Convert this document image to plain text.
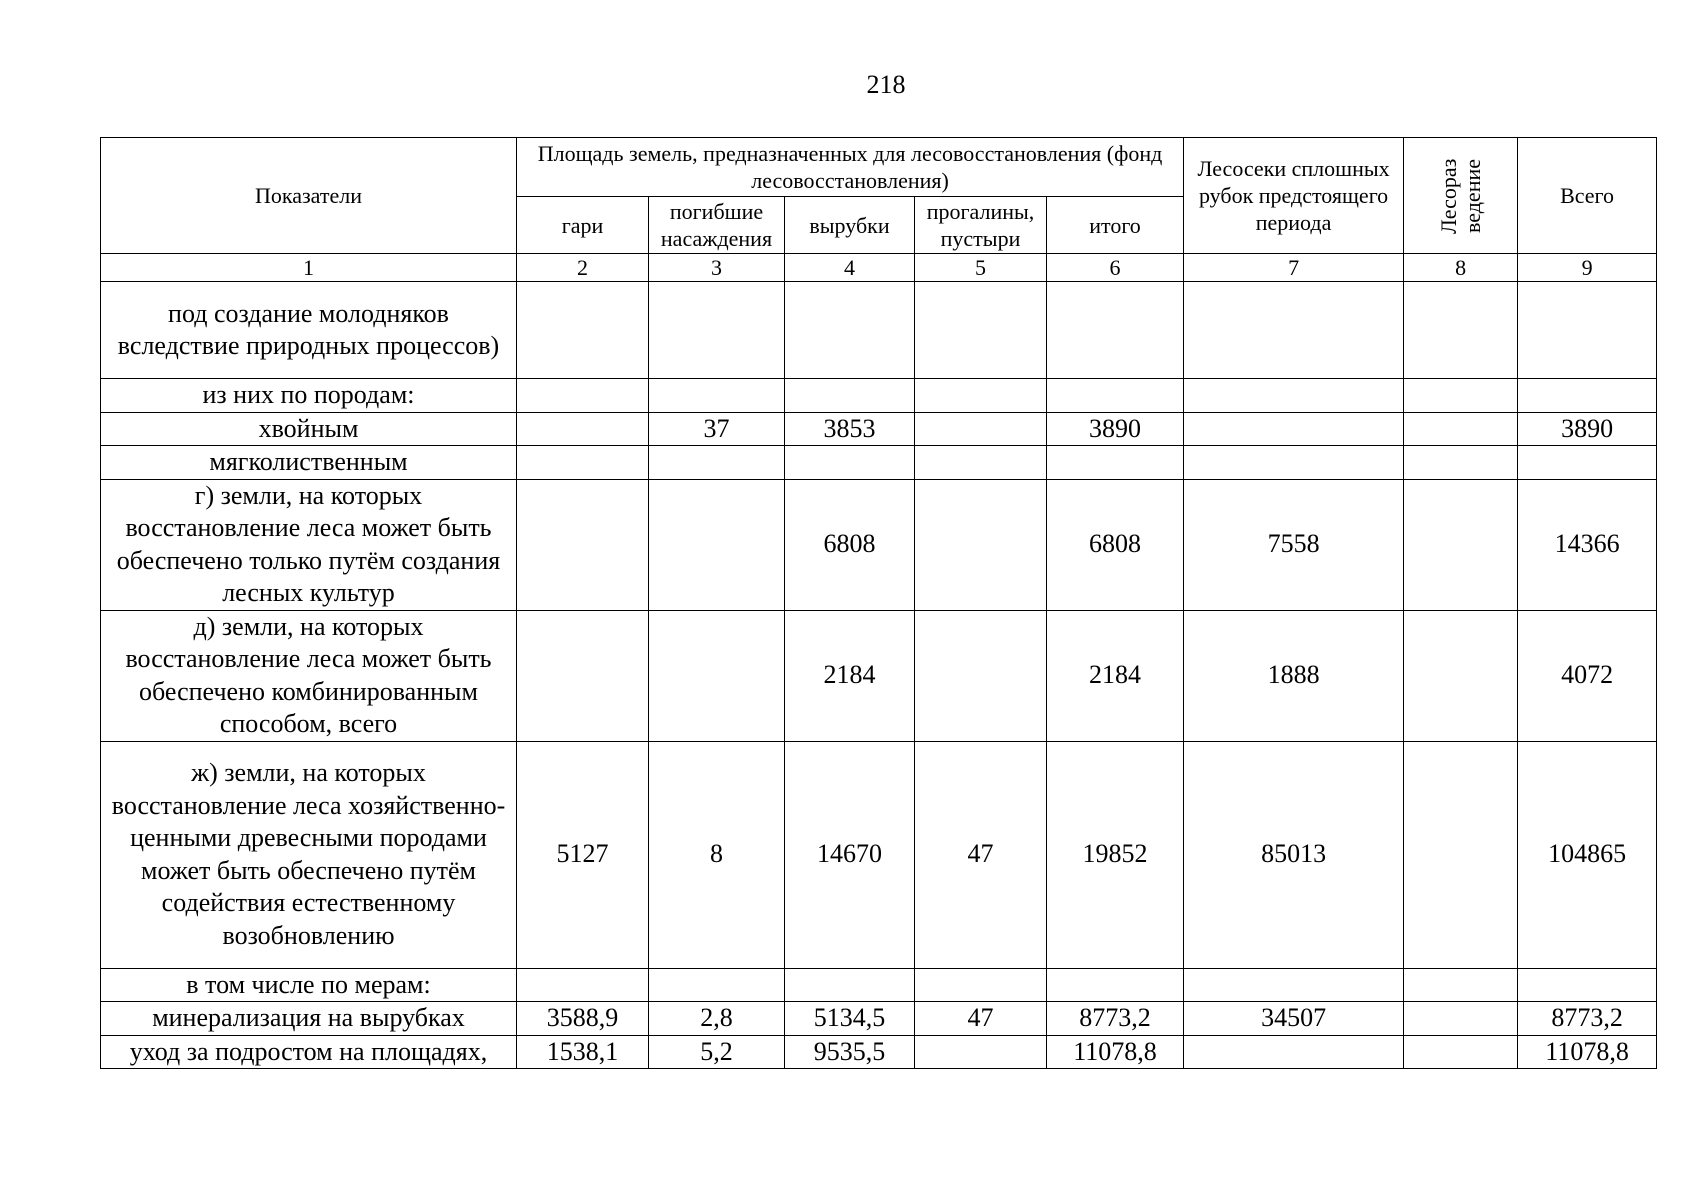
218
Показатели	Площадь земель, предназначенных для лесовосстановления (фонд лесовосстановления)					Лесосеки сплошных рубок предстоящего периода	Лесораз ведение	Всего
	гари	погибшие насаждения	вырубки	прогалины, пустыри	итого			
1	2	3	4	5	6	7	8	9
под создание молодняков вследствие природных процессов)								
из них по породам:								
хвойным		37	3853		3890			3890
мягколиственным								
г) земли, на которых восстановление леса может быть обеспечено только путём создания лесных культур			6808		6808	7558		14366
д) земли, на которых восстановление леса может быть обеспечено комбинированным способом, всего			2184		2184	1888		4072
ж) земли, на которых восстановление леса хозяйственно-ценными древесными породами может быть обеспечено путём содействия естественному возобновлению	5127	8	14670	47	19852	85013		104865
в том числе по мерам:								
минерализация на вырубках	3588,9	2,8	5134,5	47	8773,2	34507		8773,2
уход за подростом на площадях,	1538,1	5,2	9535,5		11078,8			11078,8
